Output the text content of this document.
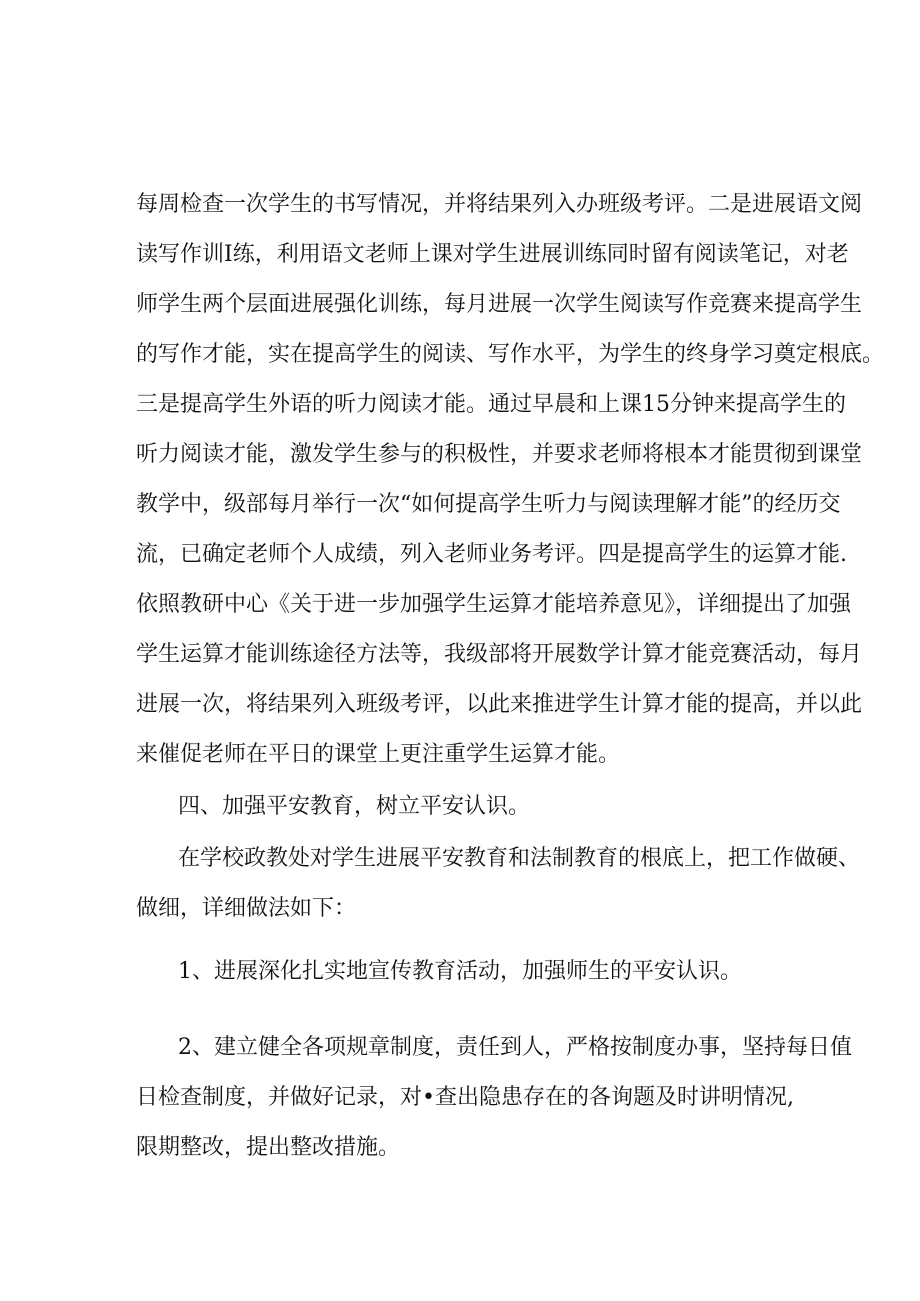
每周检查一次学生的书写情况，并将结果列入办班级考评。二是进展语文阅
读写作训Ⅰ练，利用语文老师上课对学生进展训练同时留有阅读笔记，对老
师学生两个层面进展强化训练，每月进展一次学生阅读写作竞赛来提高学生
的写作才能，实在提高学生的阅读、写作水平，为学生的终身学习奠定根底。
三是提高学生外语的听力阅读才能。通过早晨和上课15分钟来提高学生的
听力阅读才能，激发学生参与的积极性，并要求老师将根本才能贯彻到课堂
教学中，级部每月举行一次“如何提高学生听力与阅读理解才能”的经历交
流，已确定老师个人成绩，列入老师业务考评。四是提高学生的运算才能.
依照教研中心《关于进一步加强学生运算才能培养意见》，详细提出了加强
学生运算才能训练途径方法等，我级部将开展数学计算才能竞赛活动，每月
进展一次，将结果列入班级考评，以此来推进学生计算才能的提高，并以此
来催促老师在平日的课堂上更注重学生运算才能。
四、加强平安教育，树立平安认识。
在学校政教处对学生进展平安教育和法制教育的根底上，把工作做硬、
做细，详细做法如下：
1、进展深化扎实地宣传教育活动，加强师生的平安认识。
2、建立健全各项规章制度，责任到人，严格按制度办事，坚持每日值
日检查制度，并做好记录，对•查出隐患存在的各询题及时讲明情况,
限期整改，提出整改措施。
